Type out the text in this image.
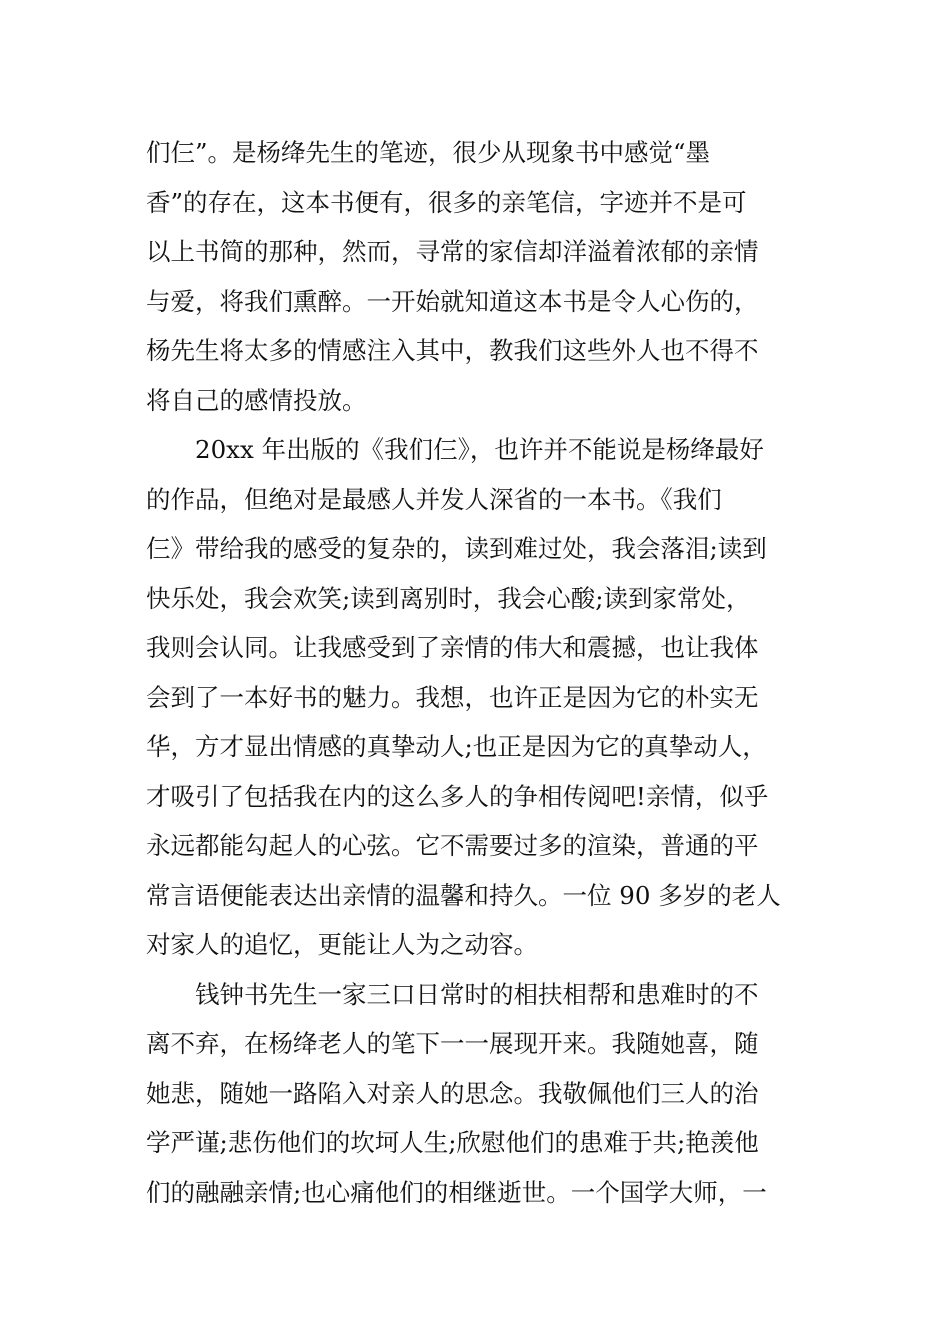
们仨”。是杨绛先生的笔迹，很少从现象书中感觉“墨
香”的存在，这本书便有，很多的亲笔信，字迹并不是可
以上书简的那种，然而，寻常的家信却洋溢着浓郁的亲情
与爱，将我们熏醉。一开始就知道这本书是令人心伤的，
杨先生将太多的情感注入其中，教我们这些外人也不得不
将自己的感情投放。
　　20xx 年出版的《我们仨》，也许并不能说是杨绛最好
的作品，但绝对是最感人并发人深省的一本书。《我们
仨》带给我的感受的复杂的，读到难过处，我会落泪;读到
快乐处，我会欢笑;读到离别时，我会心酸;读到家常处，
我则会认同。让我感受到了亲情的伟大和震撼，也让我体
会到了一本好书的魅力。我想，也许正是因为它的朴实无
华，方才显出情感的真挚动人;也正是因为它的真挚动人，
才吸引了包括我在内的这么多人的争相传阅吧!亲情，似乎
永远都能勾起人的心弦。它不需要过多的渲染，普通的平
常言语便能表达出亲情的温馨和持久。一位 90 多岁的老人
对家人的追忆，更能让人为之动容。
　　钱钟书先生一家三口日常时的相扶相帮和患难时的不
离不弃，在杨绛老人的笔下一一展现开来。我随她喜，随
她悲，随她一路陷入对亲人的思念。我敬佩他们三人的治
学严谨;悲伤他们的坎坷人生;欣慰他们的患难于共;艳羡他
们的融融亲情;也心痛他们的相继逝世。一个国学大师，一
